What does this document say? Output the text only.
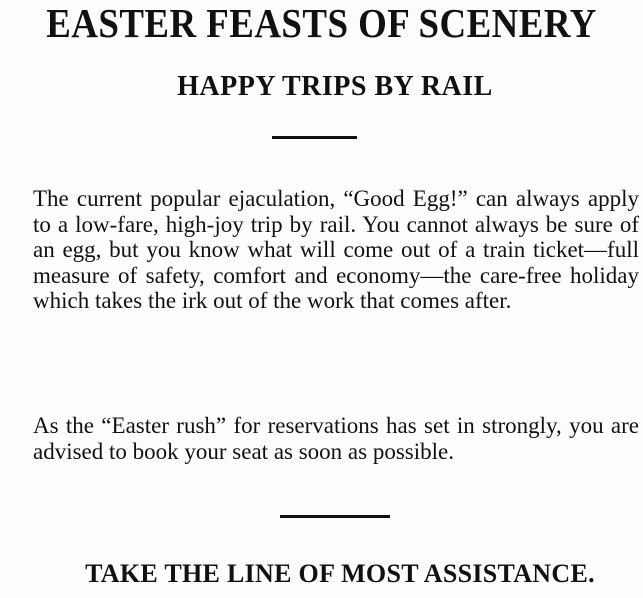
EASTER FEASTS OF SCENERY
HAPPY TRIPS BY RAIL

The current popular ejaculation, “Good Egg!” can always apply to a low-fare, high-joy trip by rail. You cannot always be sure of an egg, but you know what will come out of a train ticket—full measure of safety, comfort and economy—the care-free holiday which takes the irk out of the work that comes after.

As the “Easter rush” for reservations has set in strongly, you are advised to book your seat as soon as possible.

TAKE THE LINE OF MOST ASSISTANCE.
